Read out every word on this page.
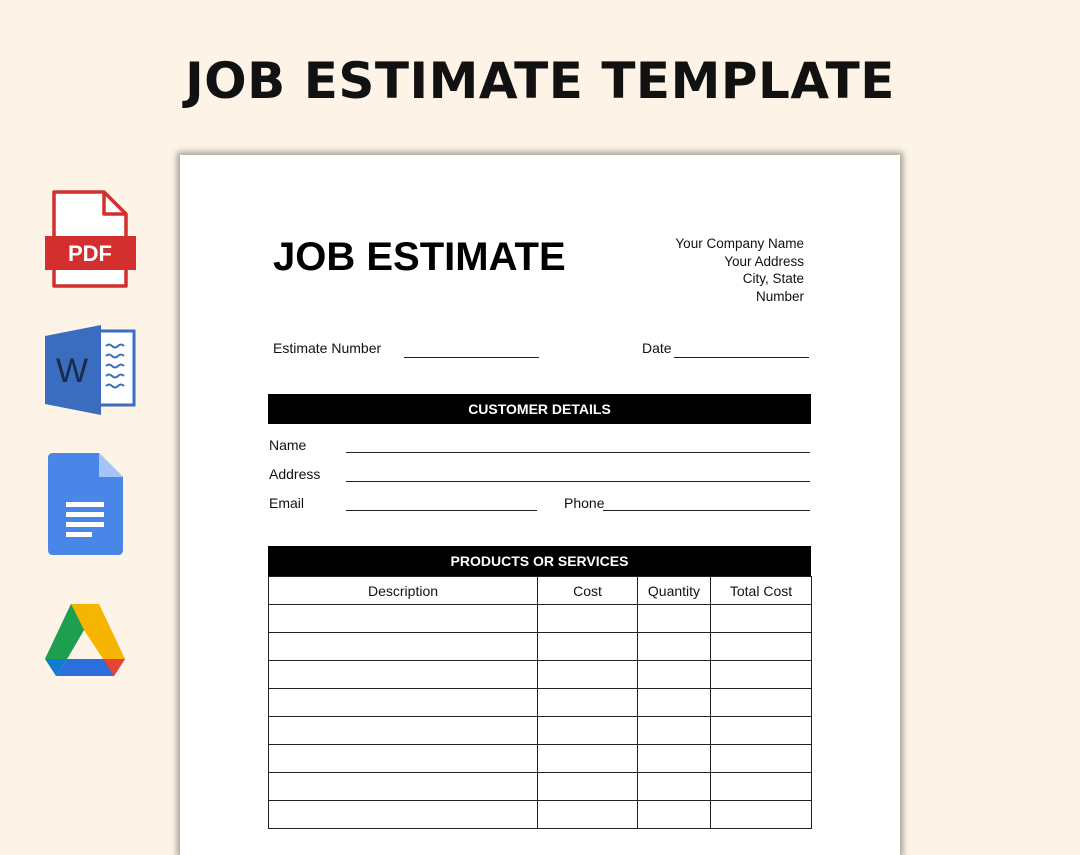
JOB ESTIMATE TEMPLATE
PDF
W
JOB ESTIMATE	Your Company Name
Your Address
City, State
Number
Estimate Number	Date
CUSTOMER DETAILS
Name
Address
Email	Phone
PRODUCTS OR SERVICES
Description	Cost	Quantity	Total Cost
